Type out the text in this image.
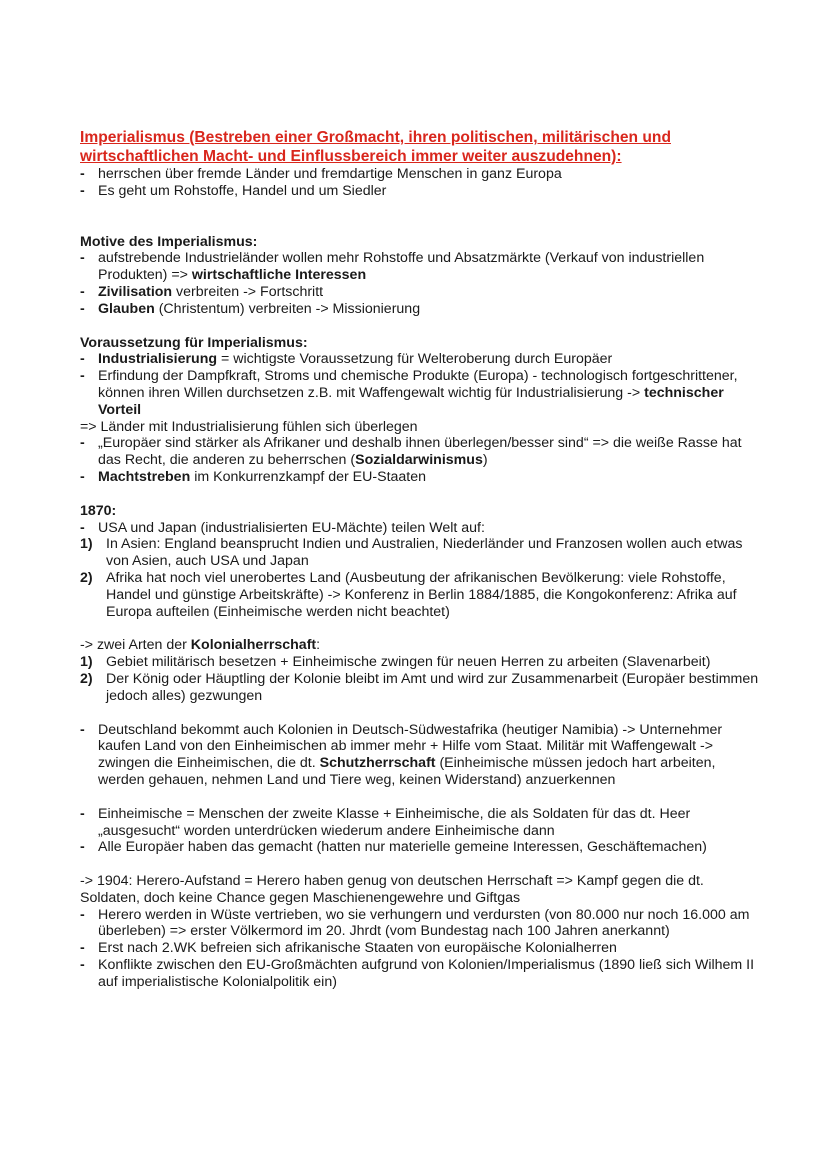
Imperialismus (Bestreben einer Großmacht, ihren politischen, militärischen und
wirtschaftlichen Macht- und Einflussbereich immer weiter auszudehnen):

- herrschen über fremde Länder und fremdartige Menschen in ganz Europa
- Es geht um Rohstoffe, Handel und um Siedler

Motive des Imperialismus:

- aufstrebende Industrieländer wollen mehr Rohstoffe und Absatzmärkte (Verkauf von industriellen Produkten) => wirtschaftliche Interessen
- Zivilisation verbreiten -> Fortschritt
- Glauben (Christentum) verbreiten -> Missionierung

Voraussetzung für Imperialismus:

- Industrialisierung = wichtigste Voraussetzung für Welteroberung durch Europäer
- Erfindung der Dampfkraft, Stroms und chemische Produkte (Europa) - technologisch fortgeschrittener, können ihren Willen durchsetzen z.B. mit Waffengewalt wichtig für Industrialisierung -> technischer Vorteil

=> Länder mit Industrialisierung fühlen sich überlegen

- „Europäer sind stärker als Afrikaner und deshalb ihnen überlegen/besser sind“ => die weiße Rasse hat das Recht, die anderen zu beherrschen (Sozialdarwinismus)
- Machtstreben im Konkurrenzkampf der EU-Staaten

1870:

- USA und Japan (industrialisierten EU-Mächte) teilen Welt auf:
1) In Asien: England beansprucht Indien und Australien, Niederländer und Franzosen wollen auch etwas von Asien, auch USA und Japan
2) Afrika hat noch viel unerobertes Land (Ausbeutung der afrikanischen Bevölkerung: viele Rohstoffe, Handel und günstige Arbeitskräfte) -> Konferenz in Berlin 1884/1885, die Kongokonferenz: Afrika auf Europa aufteilen (Einheimische werden nicht beachtet)

-> zwei Arten der Kolonialherrschaft:

1) Gebiet militärisch besetzen + Einheimische zwingen für neuen Herren zu arbeiten (Slavenarbeit)
2) Der König oder Häuptling der Kolonie bleibt im Amt und wird zur Zusammenarbeit (Europäer bestimmen jedoch alles) gezwungen
- Deutschland bekommt auch Kolonien in Deutsch-Südwestafrika (heutiger Namibia) -> Unternehmer kaufen Land von den Einheimischen ab immer mehr + Hilfe vom Staat. Militär mit Waffengewalt -> zwingen die Einheimischen, die dt. Schutzherrschaft (Einheimische müssen jedoch hart arbeiten, werden gehauen, nehmen Land und Tiere weg, keinen Widerstand) anzuerkennen
- Einheimische = Menschen der zweite Klasse + Einheimische, die als Soldaten für das dt. Heer „ausgesucht“ worden unterdrücken wiederum andere Einheimische dann
- Alle Europäer haben das gemacht (hatten nur materielle gemeine Interessen, Geschäftemachen)

-> 1904: Herero-Aufstand = Herero haben genug von deutschen Herrschaft => Kampf gegen die dt. Soldaten, doch keine Chance gegen Maschienengewehre und Giftgas

- Herero werden in Wüste vertrieben, wo sie verhungern und verdursten (von 80.000 nur noch 16.000 am überleben) => erster Völkermord im 20. Jhrdt (vom Bundestag nach 100 Jahren anerkannt)
- Erst nach 2.WK befreien sich afrikanische Staaten von europäische Kolonialherren
- Konflikte zwischen den EU-Großmächten aufgrund von Kolonien/Imperialismus (1890 ließ sich Wilhem II auf imperialistische Kolonialpolitik ein)
